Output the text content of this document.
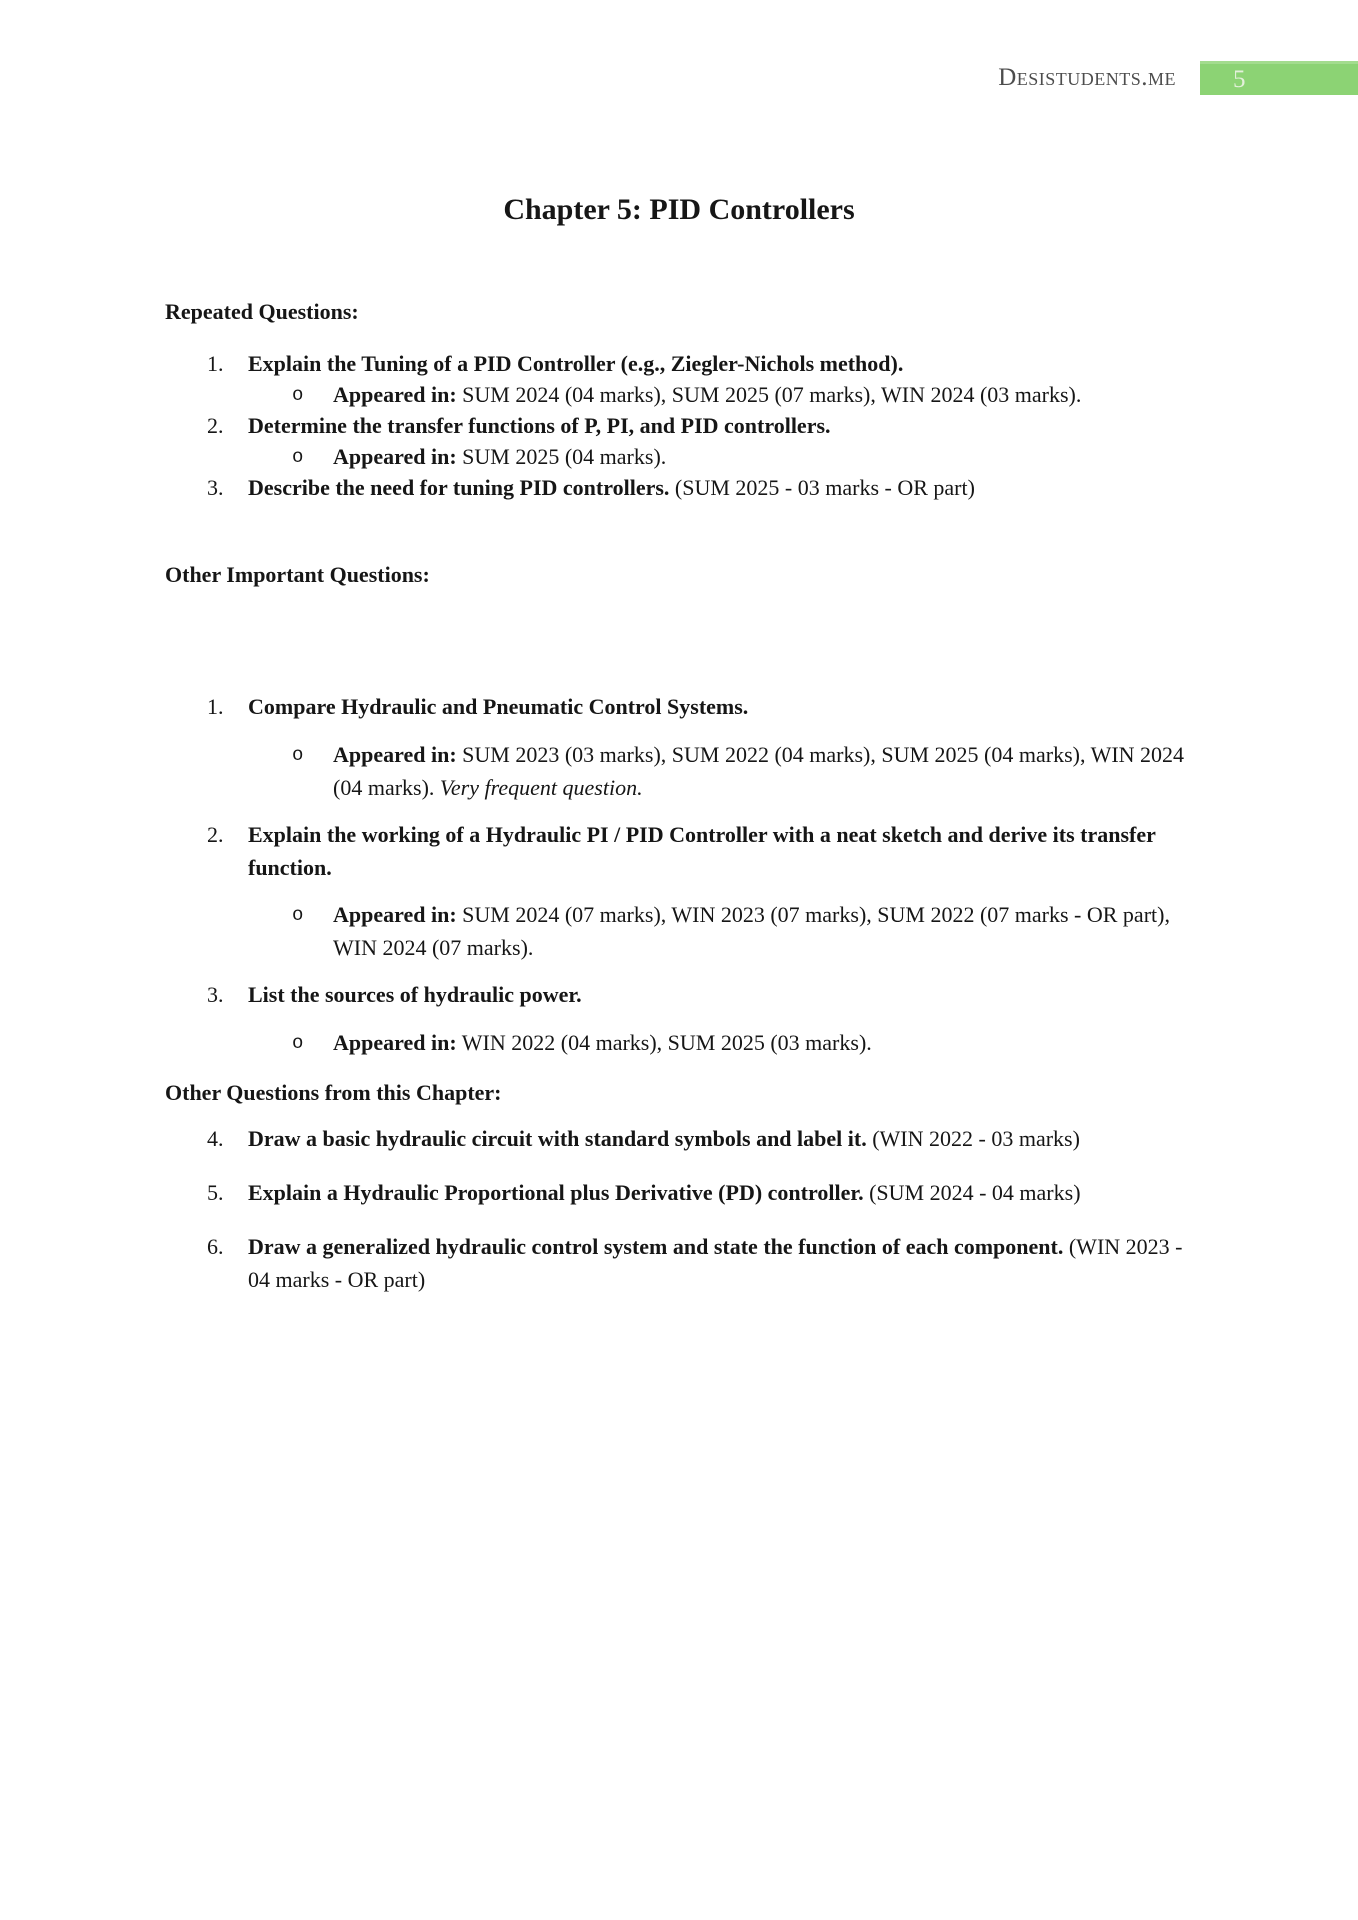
Desistudents.me	5
Chapter 5: PID Controllers
Repeated Questions:
1. Explain the Tuning of a PID Controller (e.g., Ziegler-Nichols method).
o Appeared in: SUM 2024 (04 marks), SUM 2025 (07 marks), WIN 2024 (03 marks).
2. Determine the transfer functions of P, PI, and PID controllers.
o Appeared in: SUM 2025 (04 marks).
3. Describe the need for tuning PID controllers. (SUM 2025 - 03 marks - OR part)
Other Important Questions:
1. Compare Hydraulic and Pneumatic Control Systems.
o Appeared in: SUM 2023 (03 marks), SUM 2022 (04 marks), SUM 2025 (04 marks), WIN 2024 (04 marks). Very frequent question.
2. Explain the working of a Hydraulic PI / PID Controller with a neat sketch and derive its transfer function.
o Appeared in: SUM 2024 (07 marks), WIN 2023 (07 marks), SUM 2022 (07 marks - OR part), WIN 2024 (07 marks).
3. List the sources of hydraulic power.
o Appeared in: WIN 2022 (04 marks), SUM 2025 (03 marks).
Other Questions from this Chapter:
4. Draw a basic hydraulic circuit with standard symbols and label it. (WIN 2022 - 03 marks)
5. Explain a Hydraulic Proportional plus Derivative (PD) controller. (SUM 2024 - 04 marks)
6. Draw a generalized hydraulic control system and state the function of each component. (WIN 2023 - 04 marks - OR part)
